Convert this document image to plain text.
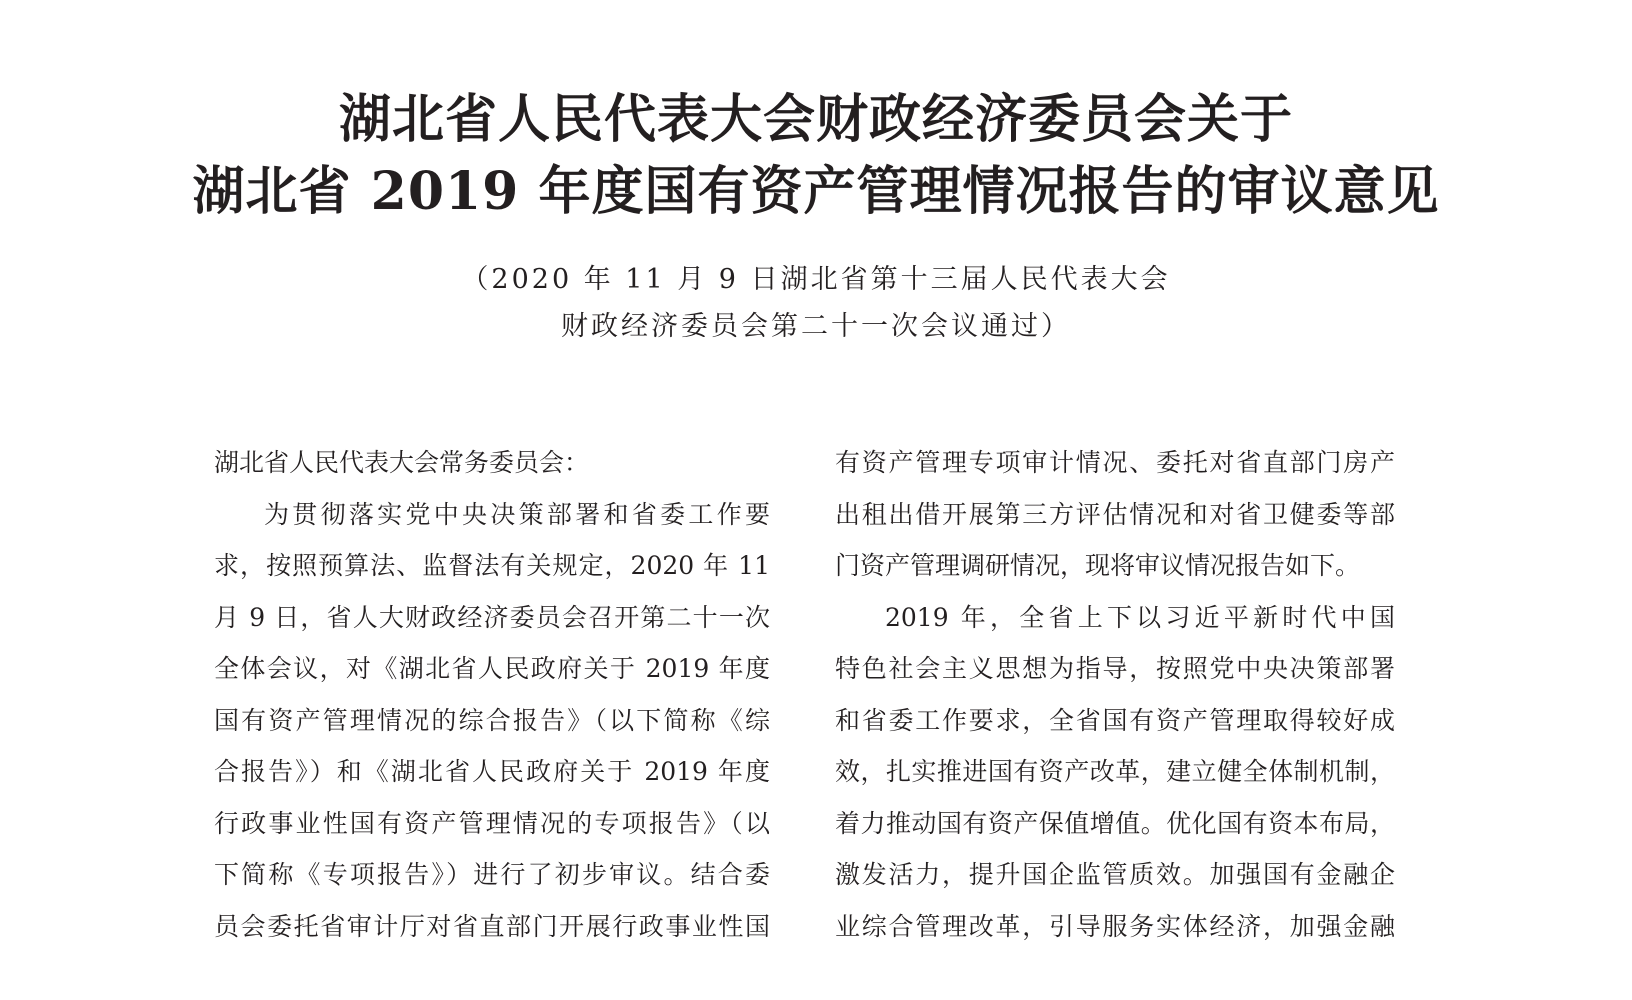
湖北省人民代表大会财政经济委员会关于
湖北省 2019 年度国有资产管理情况报告的审议意见
（2020 年 11 月 9 日湖北省第十三届人民代表大会
财政经济委员会第二十一次会议通过）
湖北省人民代表大会常务委员会：
为贯彻落实党中央决策部署和省委工作要
求，按照预算法、监督法有关规定，2020 年 11
月 9 日，省人大财政经济委员会召开第二十一次
全体会议，对《湖北省人民政府关于 2019 年度
国有资产管理情况的综合报告》（以下简称《综
合报告》）和《湖北省人民政府关于 2019 年度
行政事业性国有资产管理情况的专项报告》（以
下简称《专项报告》）进行了初步审议。结合委
员会委托省审计厅对省直部门开展行政事业性国
有资产管理专项审计情况、委托对省直部门房产
出租出借开展第三方评估情况和对省卫健委等部
门资产管理调研情况，现将审议情况报告如下。
2019 年，全省上下以习近平新时代中国
特色社会主义思想为指导，按照党中央决策部署
和省委工作要求，全省国有资产管理取得较好成
效，扎实推进国有资产改革，建立健全体制机制，
着力推动国有资产保值增值。优化国有资本布局，
激发活力，提升国企监管质效。加强国有金融企
业综合管理改革，引导服务实体经济，加强金融
